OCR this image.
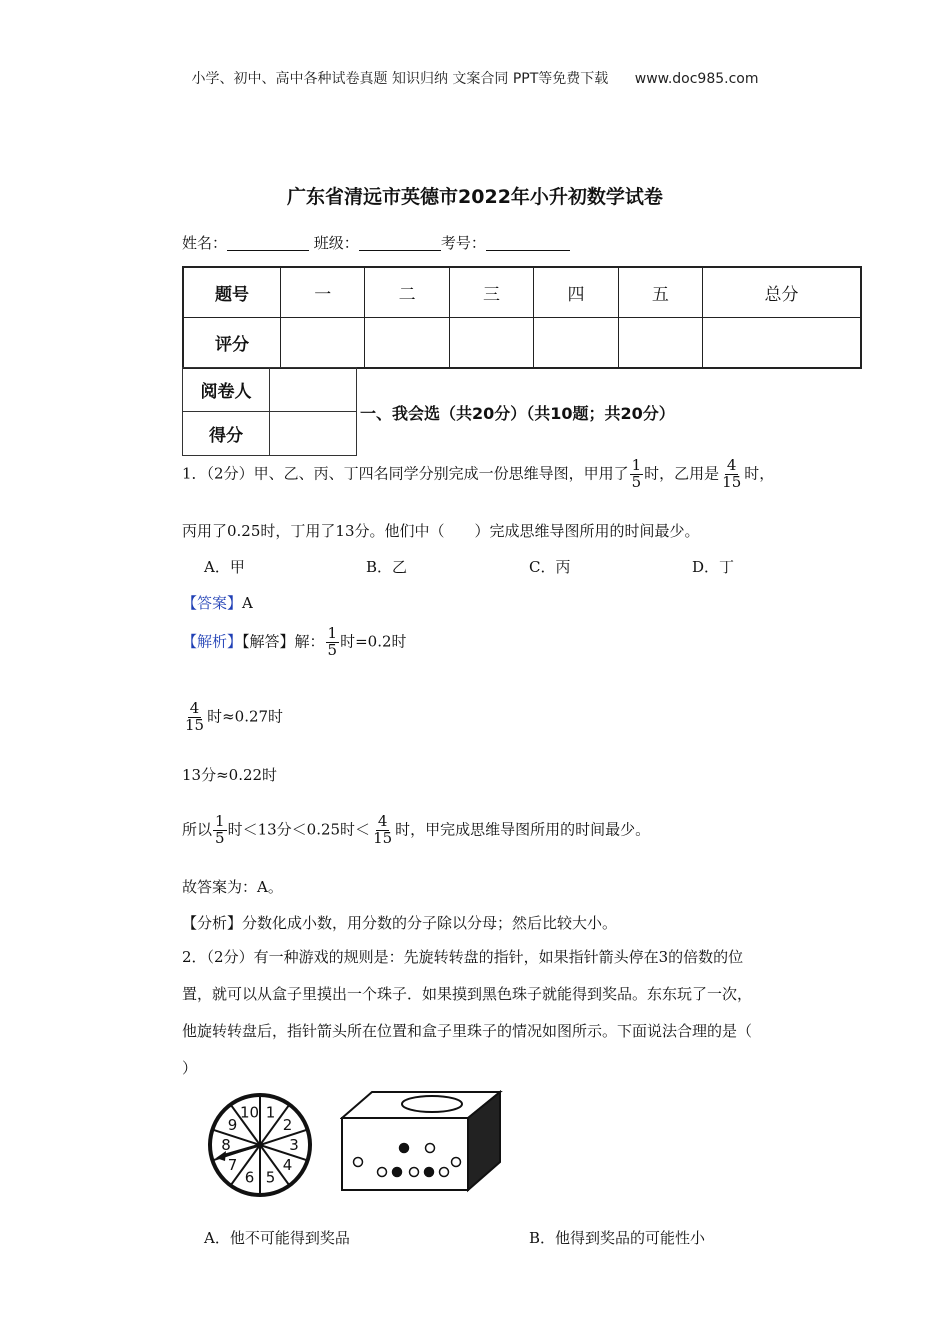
小学、初中、高中各种试卷真题 知识归纳 文案合同 PPT等免费下载 www.doc985.com
广东省清远市英德市2022年小升初数学试卷
姓名：	班级：	考号：
题号	一	二	三	四	五	总分
评分						
阅卷人	
得分	
一、我会选（共20分）（共10题；共20分）
1．（2分）甲、乙、丙、丁四名同学分别完成一份思维导图，甲用了 $\frac{1}{5}$ 时，乙用是 $\frac{4}{15}$ 时，
丙用了0.25时，丁用了13分。他们中（　　）完成思维导图所用的时间最少。
A．甲	B．乙	C．丙	D．丁
【答案】A
【解析】【解答】解： $\frac{1}{5}$ 时=0.2时
$\frac{4}{15}$ 时≈0.27时
13分≈0.22时
所以 $\frac{1}{5}$ 时＜13分＜0.25时＜ $\frac{4}{15}$ 时，甲完成思维导图所用的时间最少。
故答案为：A。
【分析】分数化成小数，用分数的分子除以分母；然后比较大小。
2．（2分）有一种游戏的规则是：先旋转转盘的指针，如果指针箭头停在3的倍数的位
置，就可以从盒子里摸出一个珠子．如果摸到黑色珠子就能得到奖品。东东玩了一次，
他旋转转盘后，指针箭头所在位置和盒子里珠子的情况如图所示。下面说法合理的是（
）
1
2
3
4
5
6
7
8
9
10
A．他不可能得到奖品	B．他得到奖品的可能性小
